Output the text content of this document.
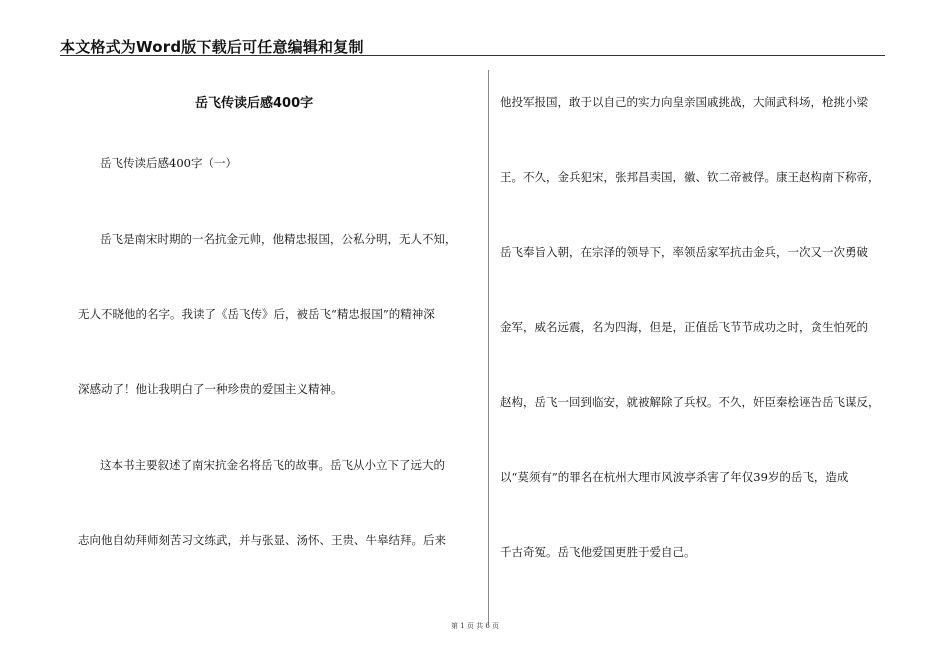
本文格式为Word版下载后可任意编辑和复制
岳飞传读后感400字
岳飞传读后感400字（一）
岳飞是南宋时期的一名抗金元帅，他精忠报国，公私分明，无人不知，
无人不晓他的名字。我读了《岳飞传》后，被岳飞“精忠报国”的精神深
深感动了！他让我明白了一种珍贵的爱国主义精神。
这本书主要叙述了南宋抗金名将岳飞的故事。岳飞从小立下了远大的
志向他自幼拜师刻苦习文练武，并与张显、汤怀、王贵、牛皋结拜。后来
他投军报国，敢于以自己的实力向皇亲国戚挑战，大闹武科场，枪挑小梁
王。不久，金兵犯宋，张邦昌卖国，徽、钦二帝被俘。康王赵构南下称帝，
岳飞奉旨入朝，在宗泽的领导下，率领岳家军抗击金兵，一次又一次勇破
金军，威名远震，名为四海，但是，正值岳飞节节成功之时，贪生怕死的
赵构，岳飞一回到临安，就被解除了兵权。不久，奸臣秦桧诬告岳飞谋反，
以“莫须有”的罪名在杭州大理市风波亭杀害了年仅39岁的岳飞，造成
千古奇冤。岳飞他爱国更胜于爱自己。
第 1 页 共 6 页
